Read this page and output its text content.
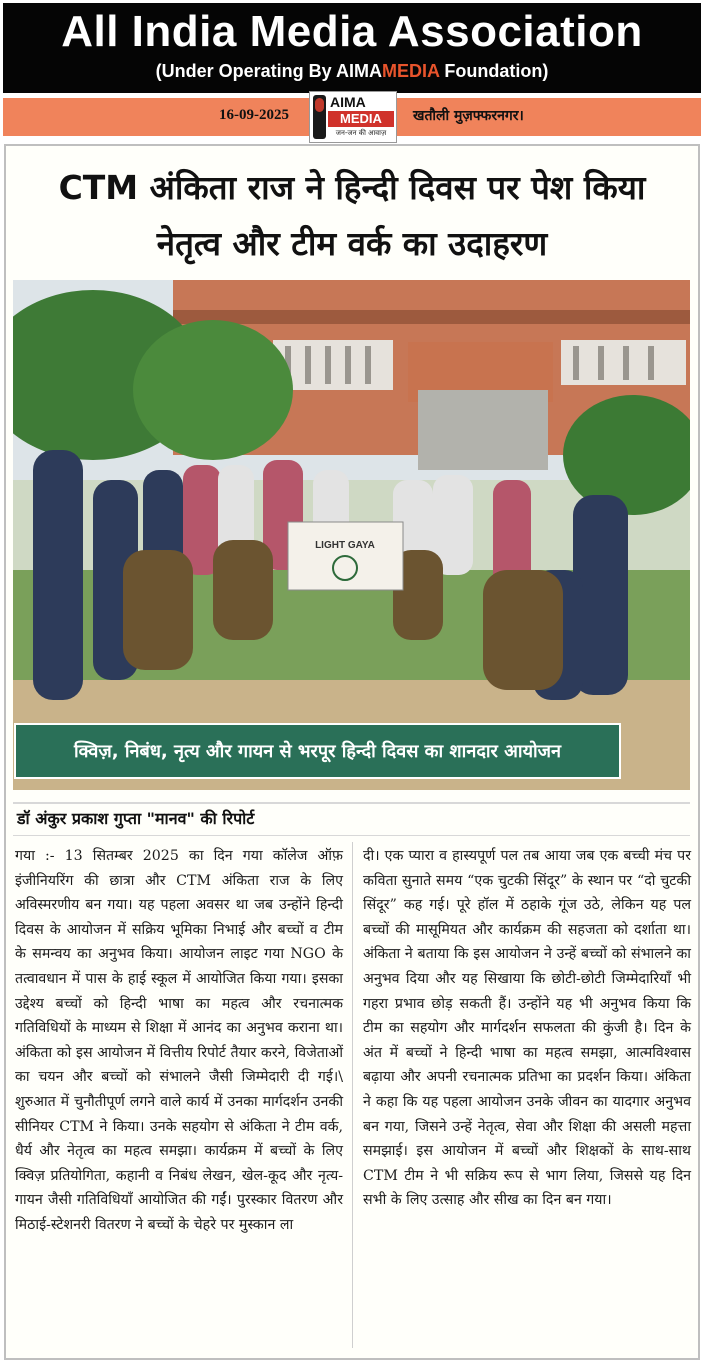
All India Media Association
(Under Operating By AIMAMEDIA Foundation)
16-09-2025	खतौली मुज़फ्फरनगर।
AIMA
MEDIA
जन-जन की आवाज़
CTM अंकिता राज ने हिन्दी दिवस पर पेश किया
नेतृत्व और टीम वर्क का उदाहरण
LIGHT GAYA
क्विज़, निबंध, नृत्य और गायन से भरपूर हिन्दी दिवस का शानदार आयोजन
डॉ अंकुर प्रकाश गुप्ता "मानव" की रिपोर्ट
गया :- 13 सितम्बर 2025 का दिन गया कॉलेज ऑफ़ इंजीनियरिंग की छात्रा और CTM अंकिता राज के लिए अविस्मरणीय बन गया। यह पहला अवसर था जब उन्होंने हिन्दी दिवस के आयोजन में सक्रिय भूमिका निभाई और बच्चों व टीम के समन्वय का अनुभव किया। आयोजन लाइट गया NGO के तत्वावधान में पास के हाई स्कूल में आयोजित किया गया। इसका उद्देश्य बच्चों को हिन्दी भाषा का महत्व और रचनात्मक गतिविधियों के माध्यम से शिक्षा में आनंद का अनुभव कराना था। अंकिता को इस आयोजन में वित्तीय रिपोर्ट तैयार करने, विजेताओं का चयन और बच्चों को संभालने जैसी जिम्मेदारी दी गई।\ शुरुआत में चुनौतीपूर्ण लगने वाले कार्य में उनका मार्गदर्शन उनकी सीनियर CTM ने किया। उनके सहयोग से अंकिता ने टीम वर्क, धैर्य और नेतृत्व का महत्व समझा। कार्यक्रम में बच्चों के लिए क्विज़ प्रतियोगिता, कहानी व निबंध लेखन, खेल-कूद और नृत्य-गायन जैसी गतिविधियाँ आयोजित की गईं। पुरस्कार वितरण और मिठाई-स्टेशनरी वितरण ने बच्चों के चेहरे पर मुस्कान ला
दी। एक प्यारा व हास्यपूर्ण पल तब आया जब एक बच्ची मंच पर कविता सुनाते समय “एक चुटकी सिंदूर” के स्थान पर “दो चुटकी सिंदूर” कह गई। पूरे हॉल में ठहाके गूंज उठे, लेकिन यह पल बच्चों की मासूमियत और कार्यक्रम की सहजता को दर्शाता था। अंकिता ने बताया कि इस आयोजन ने उन्हें बच्चों को संभालने का अनुभव दिया और यह सिखाया कि छोटी-छोटी जिम्मेदारियाँ भी गहरा प्रभाव छोड़ सकती हैं। उन्होंने यह भी अनुभव किया कि टीम का सहयोग और मार्गदर्शन सफलता की कुंजी है। दिन के अंत में बच्चों ने हिन्दी भाषा का महत्व समझा, आत्मविश्वास बढ़ाया और अपनी रचनात्मक प्रतिभा का प्रदर्शन किया। अंकिता ने कहा कि यह पहला आयोजन उनके जीवन का यादगार अनुभव बन गया, जिसने उन्हें नेतृत्व, सेवा और शिक्षा की असली महत्ता समझाई। इस आयोजन में बच्चों और शिक्षकों के साथ-साथ CTM टीम ने भी सक्रिय रूप से भाग लिया, जिससे यह दिन सभी के लिए उत्साह और सीख का दिन बन गया।
